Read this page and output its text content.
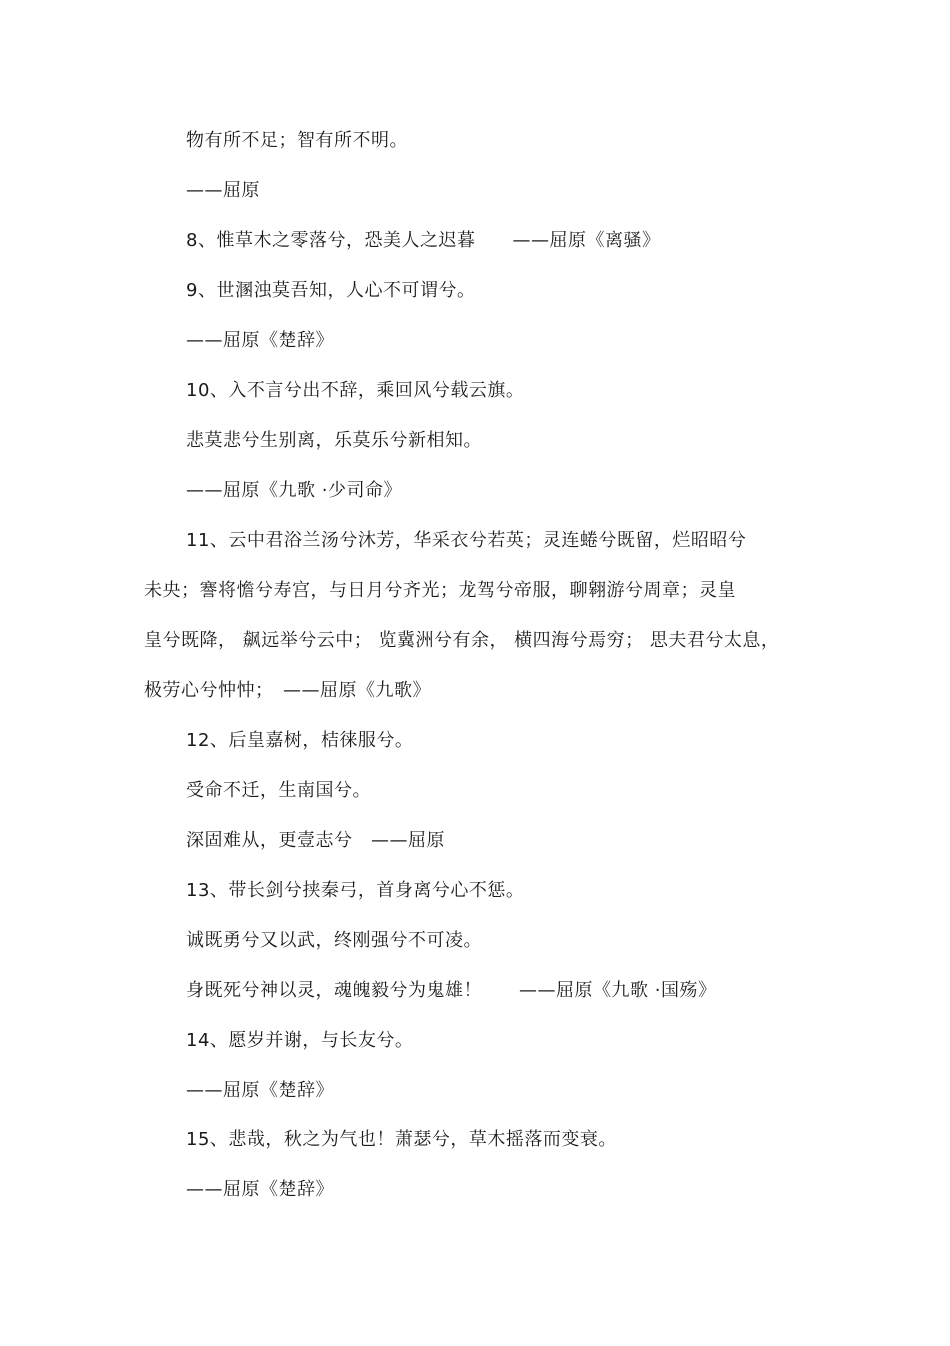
物有所不足；智有所不明。
——屈原
8、惟草木之零落兮，恐美人之迟暮　　——屈原《离骚》
9、世溷浊莫吾知，人心不可谓兮。
——屈原《楚辞》
10、入不言兮出不辞，乘回风兮载云旗。
悲莫悲兮生别离，乐莫乐兮新相知。
——屈原《九歌 ·少司命》
11、云中君浴兰汤兮沐芳，华采衣兮若英；灵连蜷兮既留，烂昭昭兮
未央；謇将憺兮寿宫，与日月兮齐光；龙驾兮帝服，聊翱游兮周章；灵皇
皇兮既降， 飙远举兮云中； 览冀洲兮有余， 横四海兮焉穷； 思夫君兮太息，
极劳心兮忡忡；　——屈原《九歌》
12、后皇嘉树，桔徕服兮。
受命不迁，生南国兮。
深固难从，更壹志兮　——屈原
13、带长剑兮挟秦弓，首身离兮心不惩。
诚既勇兮又以武，终刚强兮不可凌。
身既死兮神以灵，魂魄毅兮为鬼雄！　　——屈原《九歌 ·国殇》
14、愿岁并谢，与长友兮。
——屈原《楚辞》
15、悲哉，秋之为气也！萧瑟兮，草木摇落而变衰。
——屈原《楚辞》
